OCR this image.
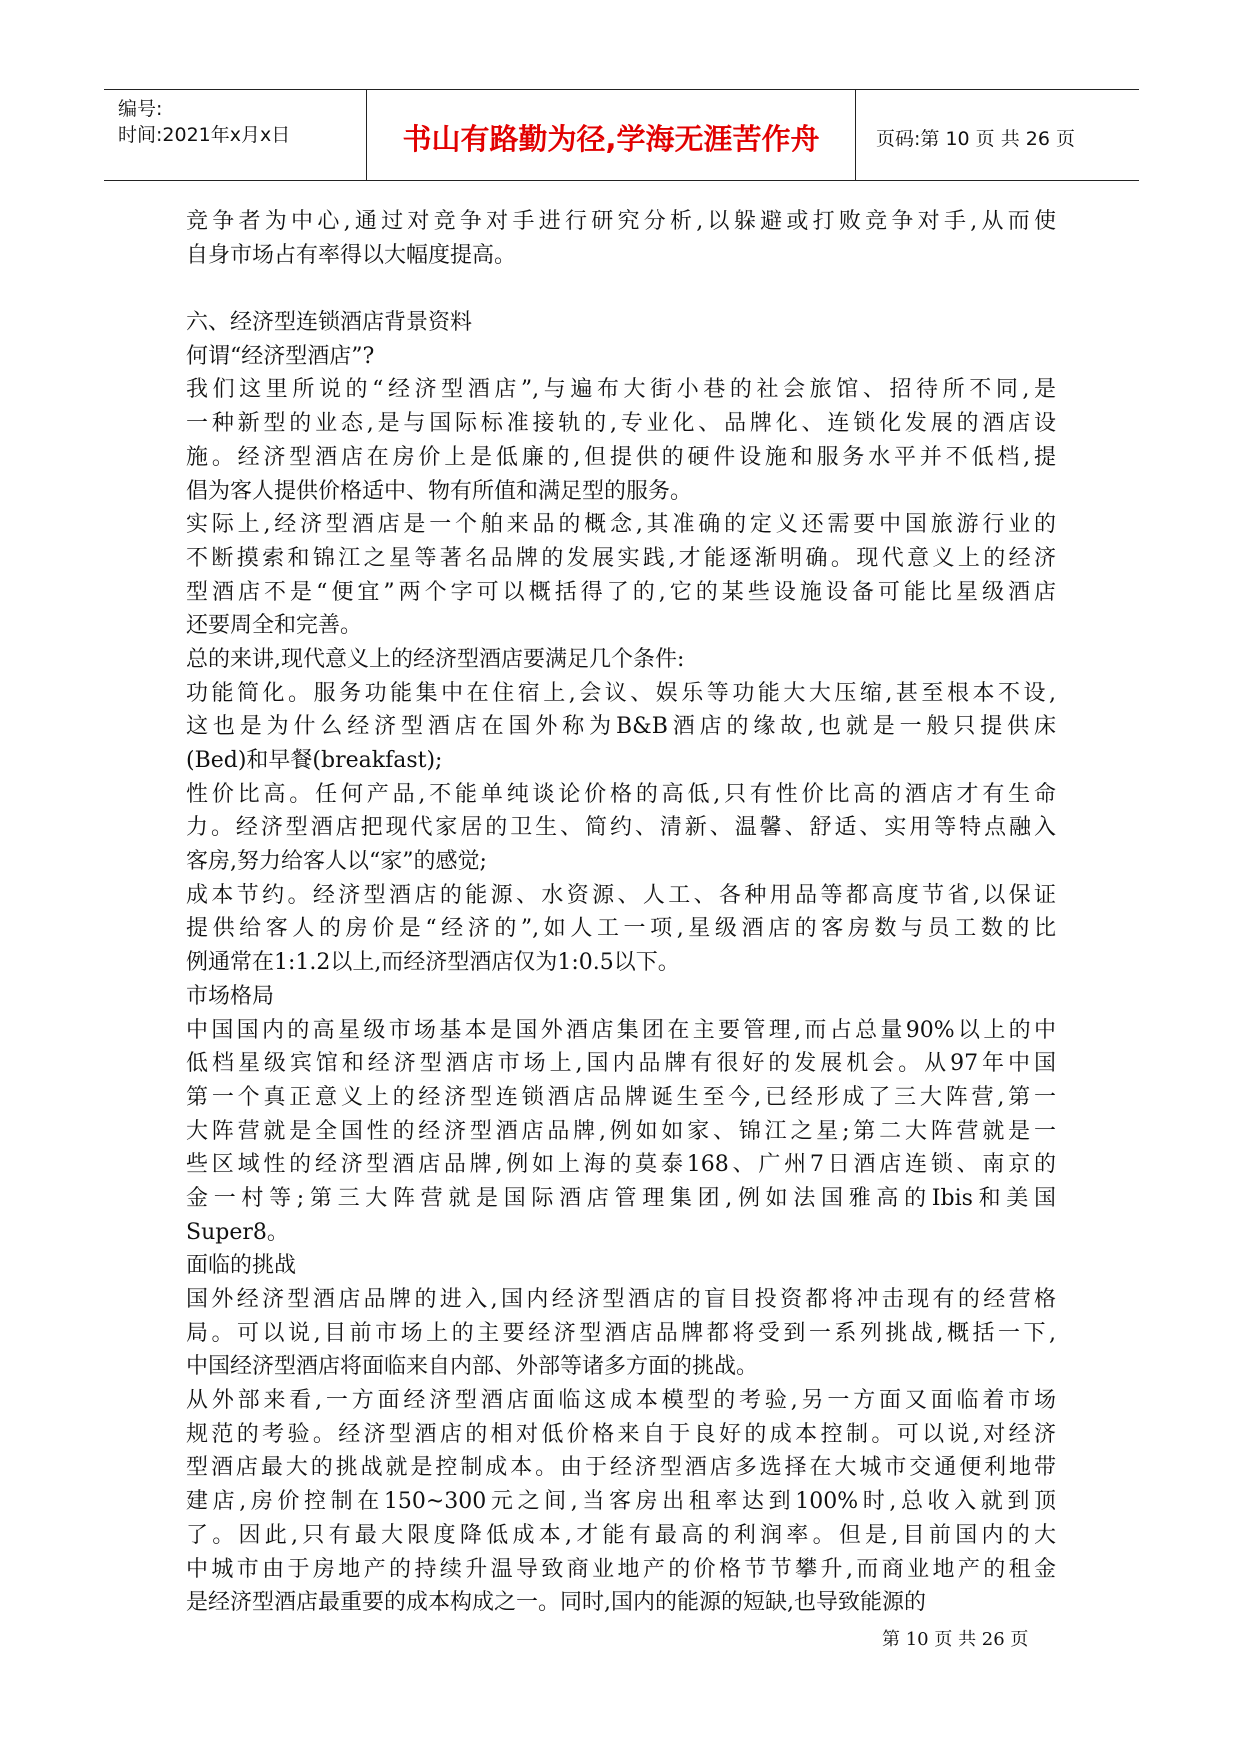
编号:
时间:2021年x月x日	书山有路勤为径,学海无涯苦作舟	页码:第 10 页 共 26 页
竞争者为中心,通过对竞争对手进行研究分析,以躲避或打败竞争对手,从而使
自身市场占有率得以大幅度提高。
六、经济型连锁酒店背景资料
何谓“经济型酒店”?
我们这里所说的“经济型酒店”,与遍布大街小巷的社会旅馆、招待所不同,是
一种新型的业态,是与国际标准接轨的,专业化、品牌化、连锁化发展的酒店设
施。经济型酒店在房价上是低廉的,但提供的硬件设施和服务水平并不低档,提
倡为客人提供价格适中、物有所值和满足型的服务。
实际上,经济型酒店是一个舶来品的概念,其准确的定义还需要中国旅游行业的
不断摸索和锦江之星等著名品牌的发展实践,才能逐渐明确。现代意义上的经济
型酒店不是“便宜”两个字可以概括得了的,它的某些设施设备可能比星级酒店
还要周全和完善。
总的来讲,现代意义上的经济型酒店要满足几个条件:
功能简化。服务功能集中在住宿上,会议、娱乐等功能大大压缩,甚至根本不设,
这也是为什么经济型酒店在国外称为B&B酒店的缘故,也就是一般只提供床
(Bed)和早餐(breakfast);
性价比高。任何产品,不能单纯谈论价格的高低,只有性价比高的酒店才有生命
力。经济型酒店把现代家居的卫生、简约、清新、温馨、舒适、实用等特点融入
客房,努力给客人以“家”的感觉;
成本节约。经济型酒店的能源、水资源、人工、各种用品等都高度节省,以保证
提供给客人的房价是“经济的”,如人工一项,星级酒店的客房数与员工数的比
例通常在1:1.2以上,而经济型酒店仅为1:0.5以下。
市场格局
中国国内的高星级市场基本是国外酒店集团在主要管理,而占总量90%以上的中
低档星级宾馆和经济型酒店市场上,国内品牌有很好的发展机会。从97年中国
第一个真正意义上的经济型连锁酒店品牌诞生至今,已经形成了三大阵营,第一
大阵营就是全国性的经济型酒店品牌,例如如家、锦江之星;第二大阵营就是一
些区域性的经济型酒店品牌,例如上海的莫泰168、广州7日酒店连锁、南京的
金一村等;第三大阵营就是国际酒店管理集团,例如法国雅高的Ibis和美国
Super8。
面临的挑战
国外经济型酒店品牌的进入,国内经济型酒店的盲目投资都将冲击现有的经营格
局。可以说,目前市场上的主要经济型酒店品牌都将受到一系列挑战,概括一下,
中国经济型酒店将面临来自内部、外部等诸多方面的挑战。
从外部来看,一方面经济型酒店面临这成本模型的考验,另一方面又面临着市场
规范的考验。经济型酒店的相对低价格来自于良好的成本控制。可以说,对经济
型酒店最大的挑战就是控制成本。由于经济型酒店多选择在大城市交通便利地带
建店,房价控制在150~300元之间,当客房出租率达到100%时,总收入就到顶
了。因此,只有最大限度降低成本,才能有最高的利润率。但是,目前国内的大
中城市由于房地产的持续升温导致商业地产的价格节节攀升,而商业地产的租金
是经济型酒店最重要的成本构成之一。同时,国内的能源的短缺,也导致能源的
第 10 页 共 26 页
